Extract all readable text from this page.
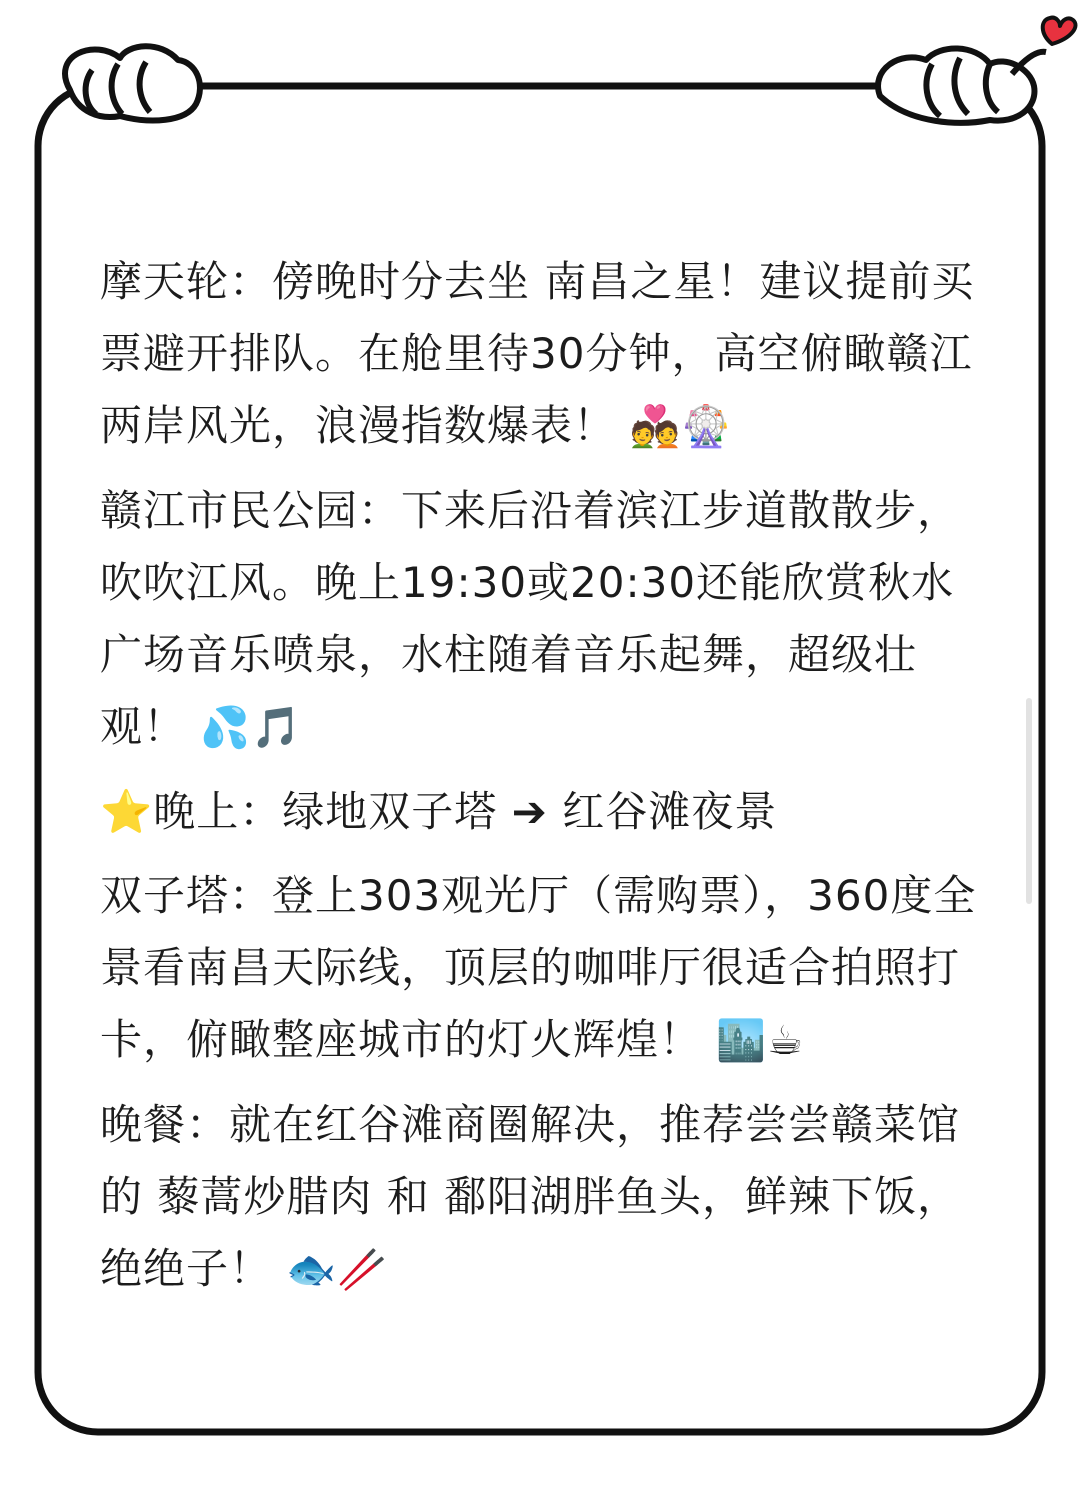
摩天轮：傍晚时分去坐 南昌之星！建议提前买票避开排队。在舱里待30分钟，高空俯瞰赣江两岸风光，浪漫指数爆表！ 💑🎡

赣江市民公园：下来后沿着滨江步道散散步，吹吹江风。晚上19:30或20:30还能欣赏秋水广场音乐喷泉，水柱随着音乐起舞，超级壮观！ 💦🎵

⭐晚上：绿地双子塔 ➔ 红谷滩夜景

双子塔：登上303观光厅（需购票），360度全景看南昌天际线，顶层的咖啡厅很适合拍照打卡，俯瞰整座城市的灯火辉煌！ 🏙️☕

晚餐：就在红谷滩商圈解决，推荐尝尝赣菜馆的 藜蒿炒腊肉 和 鄱阳湖胖鱼头，鲜辣下饭，绝绝子！ 🐟🥢
